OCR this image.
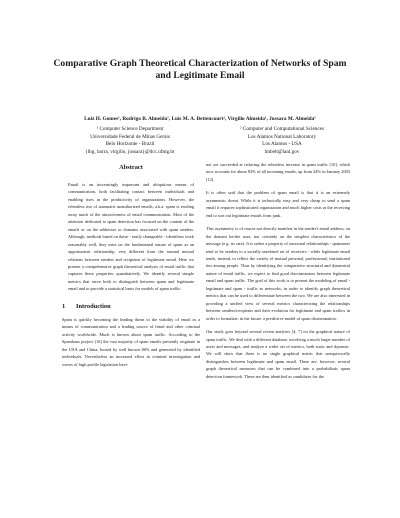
Comparative Graph Theoretical Characterization of Networks of Spam
and Legitimate Email
Luiz H. Gomes¹, Rodrigo B. Almeida¹, Luis M. A. Bettencourt², Virgílio Almeida¹, Jussara M. Almeida¹
¹ Computer Science Department
Universidade Federal de Minas Gerais
Belo Horizonte - Brazil
{lhg, barra, virgilio, jussara}@dcc.ufmg.br
² Computer and Computational Sciences
Los Alamos National Laboratory
Los Alamos - USA
lmbett@lanl.gov
Abstract

Email is an increasingly important and ubiquitous means of communication, both facilitating contact between individuals and enabling rises in the productivity of organizations. However, the relentless rise of automatic unauthorized emails, a.k.a. spam is eroding away much of the attractiveness of email communication. Most of the attention dedicated to spam detection has focused on the content of the emails or on the addresses or domains associated with spam senders. Although, methods based on these - easily changeable - identifiers work reasonably well, they miss on the fundamental nature of spam as an opportunistic relationship, very different from the normal mutual relations between senders and recipients of legitimate email. Here we present a comprehensive graph theoretical analysis of email traffic that captures these properties quantitatively. We identify several simple metrics that serve both to distinguish between spam and legitimate email and to provide a statistical basis for models of spam traffic.

1 Introduction

Spam is quickly becoming the leading threat to the viability of email as a means of communication and a leading source of fraud and other criminal activity worldwide. Much is known about spam traffic. According to the Spamhaus project [16] the vast majority of spam emails presently originate in the USA and China, hosted by well known ISPs and generated by identified individuals. Nevertheless an increased effort in criminal investigation and waves of high profile legislation have

not yet succeeded at reducing the relentless increase in spam traffic [10], which now accounts for about 83% of all incoming emails, up from 24% in January 2003 [12].

It is often said that the problem of spam email is that it is an extremely asymmetric threat. While it is technically easy and very cheap to send a spam email it requires sophisticated organization and much higher costs at the receiving end to sort out legitimate emails from junk.

This asymmetry is of course not directly manifest in the sender's email address, on the domain he/she uses, nor certainly on the simplest characteristics of the message (e.g. its size). It is rather a property of structural relationships - spammers tend to be senders to a socially unrelated set of receivers - while legitimate email tends, instead, to reflect the variety of mutual personal, professional, institutional ties among people. Thus by identifying the comparative structural and dynamical nature of email traffic, we expect to find good discriminators between legitimate email and spam traffic. The goal of this work is to present the modeling of email - legitimate and spam - traffic as networks, in order to identify graph theoretical metrics that can be used to differentiate between the two. We are also interested in providing a unified view of several metrics characterizing the relationships between senders/recipients and their evolution for legitimate and spam traffics in order to formulate, in the future, a predictive model of spam dissemination.

Our study goes beyond several recent analyses [4, 7] on the graphical nature of spam traffic. We deal with a different database, involving a much larger number of users and messages, and analyze a wider set of metrics, both static and dynamic. We will show that there is no single graphical metric that unequivocally distinguishes between legitimate and spam email. There are, however, several graph theoretical measures that can be combined into a probabilistic spam detection framework. These are then identified as candidates for the
